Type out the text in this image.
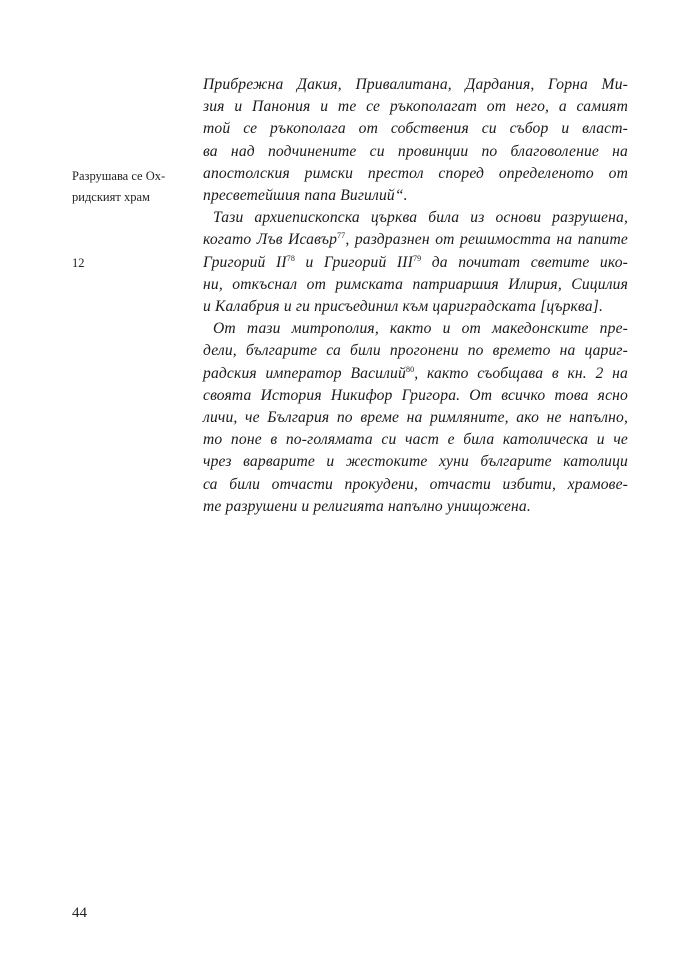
Разрушава се Ох-
ридският храм
12
Прибрежна Дакия, Привалитана, Дардания, Горна Ми-
зия и Панония и те се ръкополагат от него, а самият
той се ръкополага от собствения си събор и власт-
ва над подчинените си провинции по благоволение на
апостолския римски престол според определеното от
пресветейшия папа Вигилий“.
Тази архиепископска църква била из основи разрушена,
когато Лъв Исавър$^{77}$, раздразнен от решимостта на папите
Григорий II$^{78}$ и Григорий III$^{79}$ да почитат светите ико-
ни, откъснал от римската патриаршия Илирия, Сицилия
и Калабрия и ги присъединил към цариградската [църква].
От тази митрополия, както и от македонските пре-
дели, българите са били прогонени по времето на цариг-
радския император Василий$^{80}$, както съобщава в кн. 2 на
своята История Никифор Григора. От всичко това ясно
личи, че България по време на римляните, ако не напълно,
то поне в по-голямата си част е била католическа и че
чрез варварите и жестоките хуни българите католици
са били отчасти прокудени, отчасти избити, храмове-
те разрушени и религията напълно унищожена.
44
